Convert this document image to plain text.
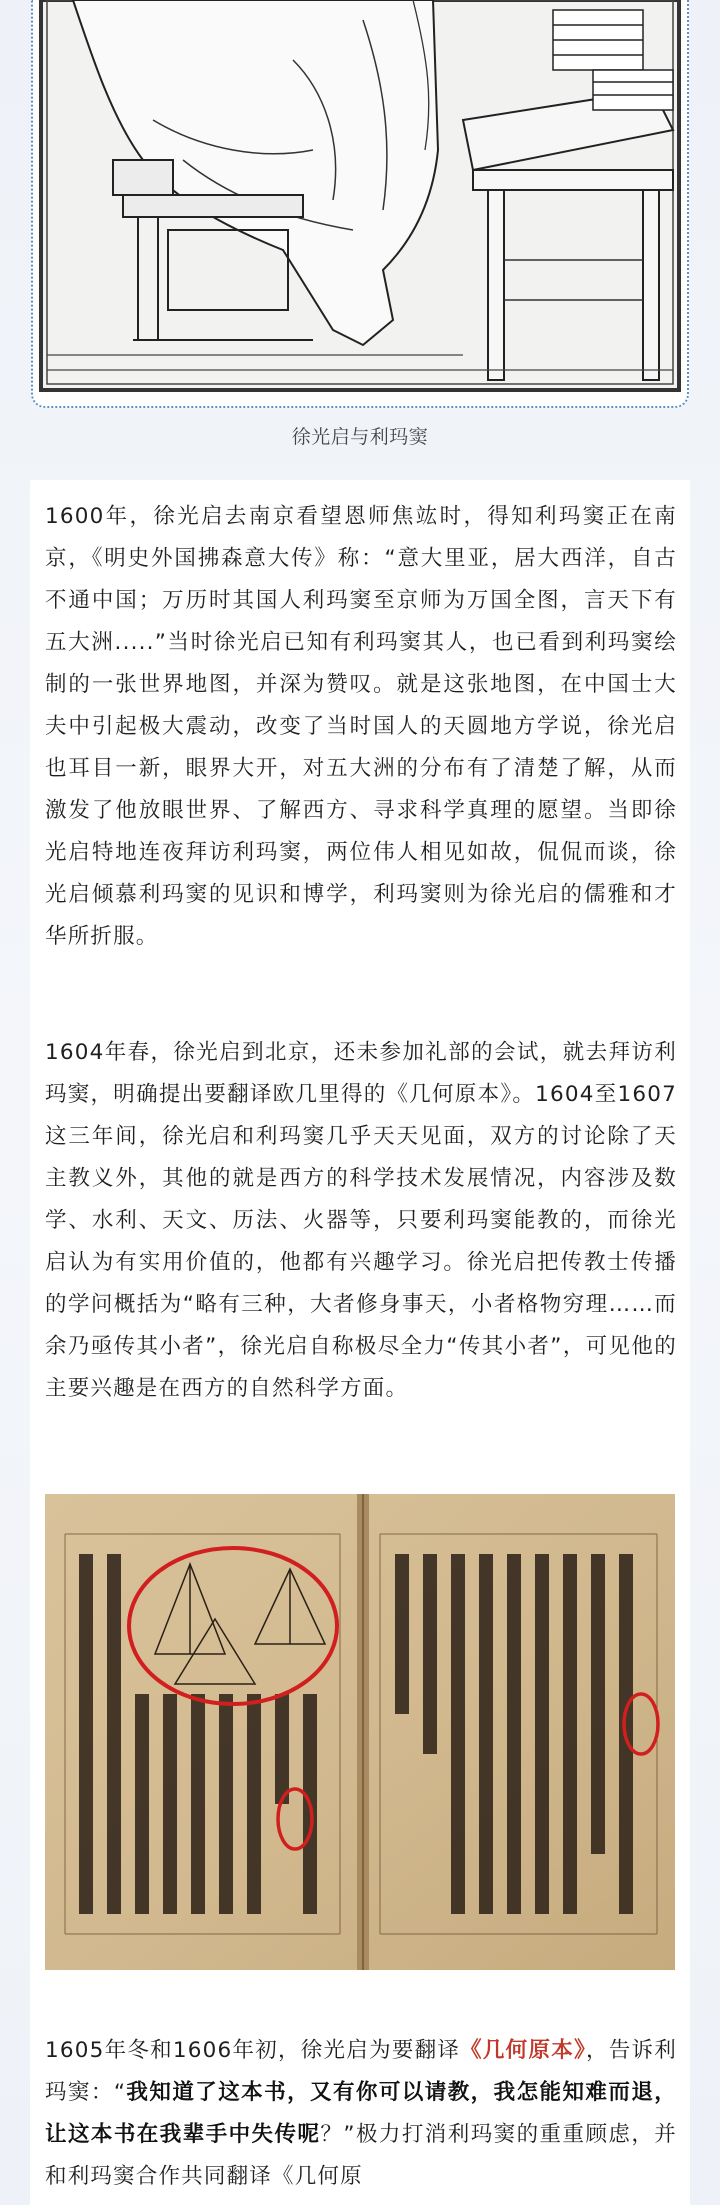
徐光启与利玛窦

1600年，徐光启去南京看望恩师焦竑时，得知利玛窦正在南京，《明史外国拂森意大传》称：“意大里亚，居大西洋，自古不通中国；万历时其国人利玛窦至京师为万国全图，言天下有五大洲.....”当时徐光启已知有利玛窦其人，也已看到利玛窦绘制的一张世界地图，并深为赞叹。就是这张地图，在中国士大夫中引起极大震动，改变了当时国人的天圆地方学说，徐光启也耳目一新，眼界大开，对五大洲的分布有了清楚了解，从而激发了他放眼世界、了解西方、寻求科学真理的愿望。当即徐光启特地连夜拜访利玛窦，两位伟人相见如故，侃侃而谈，徐光启倾慕利玛窦的见识和博学，利玛窦则为徐光启的儒雅和才华所折服。

1604年春，徐光启到北京，还未参加礼部的会试，就去拜访利玛窦，明确提出要翻译欧几里得的《几何原本》。1604至1607这三年间，徐光启和利玛窦几乎天天见面，双方的讨论除了天主教义外，其他的就是西方的科学技术发展情况，内容涉及数学、水利、天文、历法、火器等，只要利玛窦能教的，而徐光启认为有实用价值的，他都有兴趣学习。徐光启把传教士传播的学问概括为“略有三种，大者修身事天，小者格物穷理……而余乃亟传其小者”，徐光启自称极尽全力“传其小者”，可见他的主要兴趣是在西方的自然科学方面。

1605年冬和1606年初，徐光启为要翻译《几何原本》，告诉利玛窦：“我知道了这本书，又有你可以请教，我怎能知难而退，让这本书在我辈手中失传呢？”极力打消利玛窦的重重顾虑，并和利玛窦合作共同翻译《几何原
